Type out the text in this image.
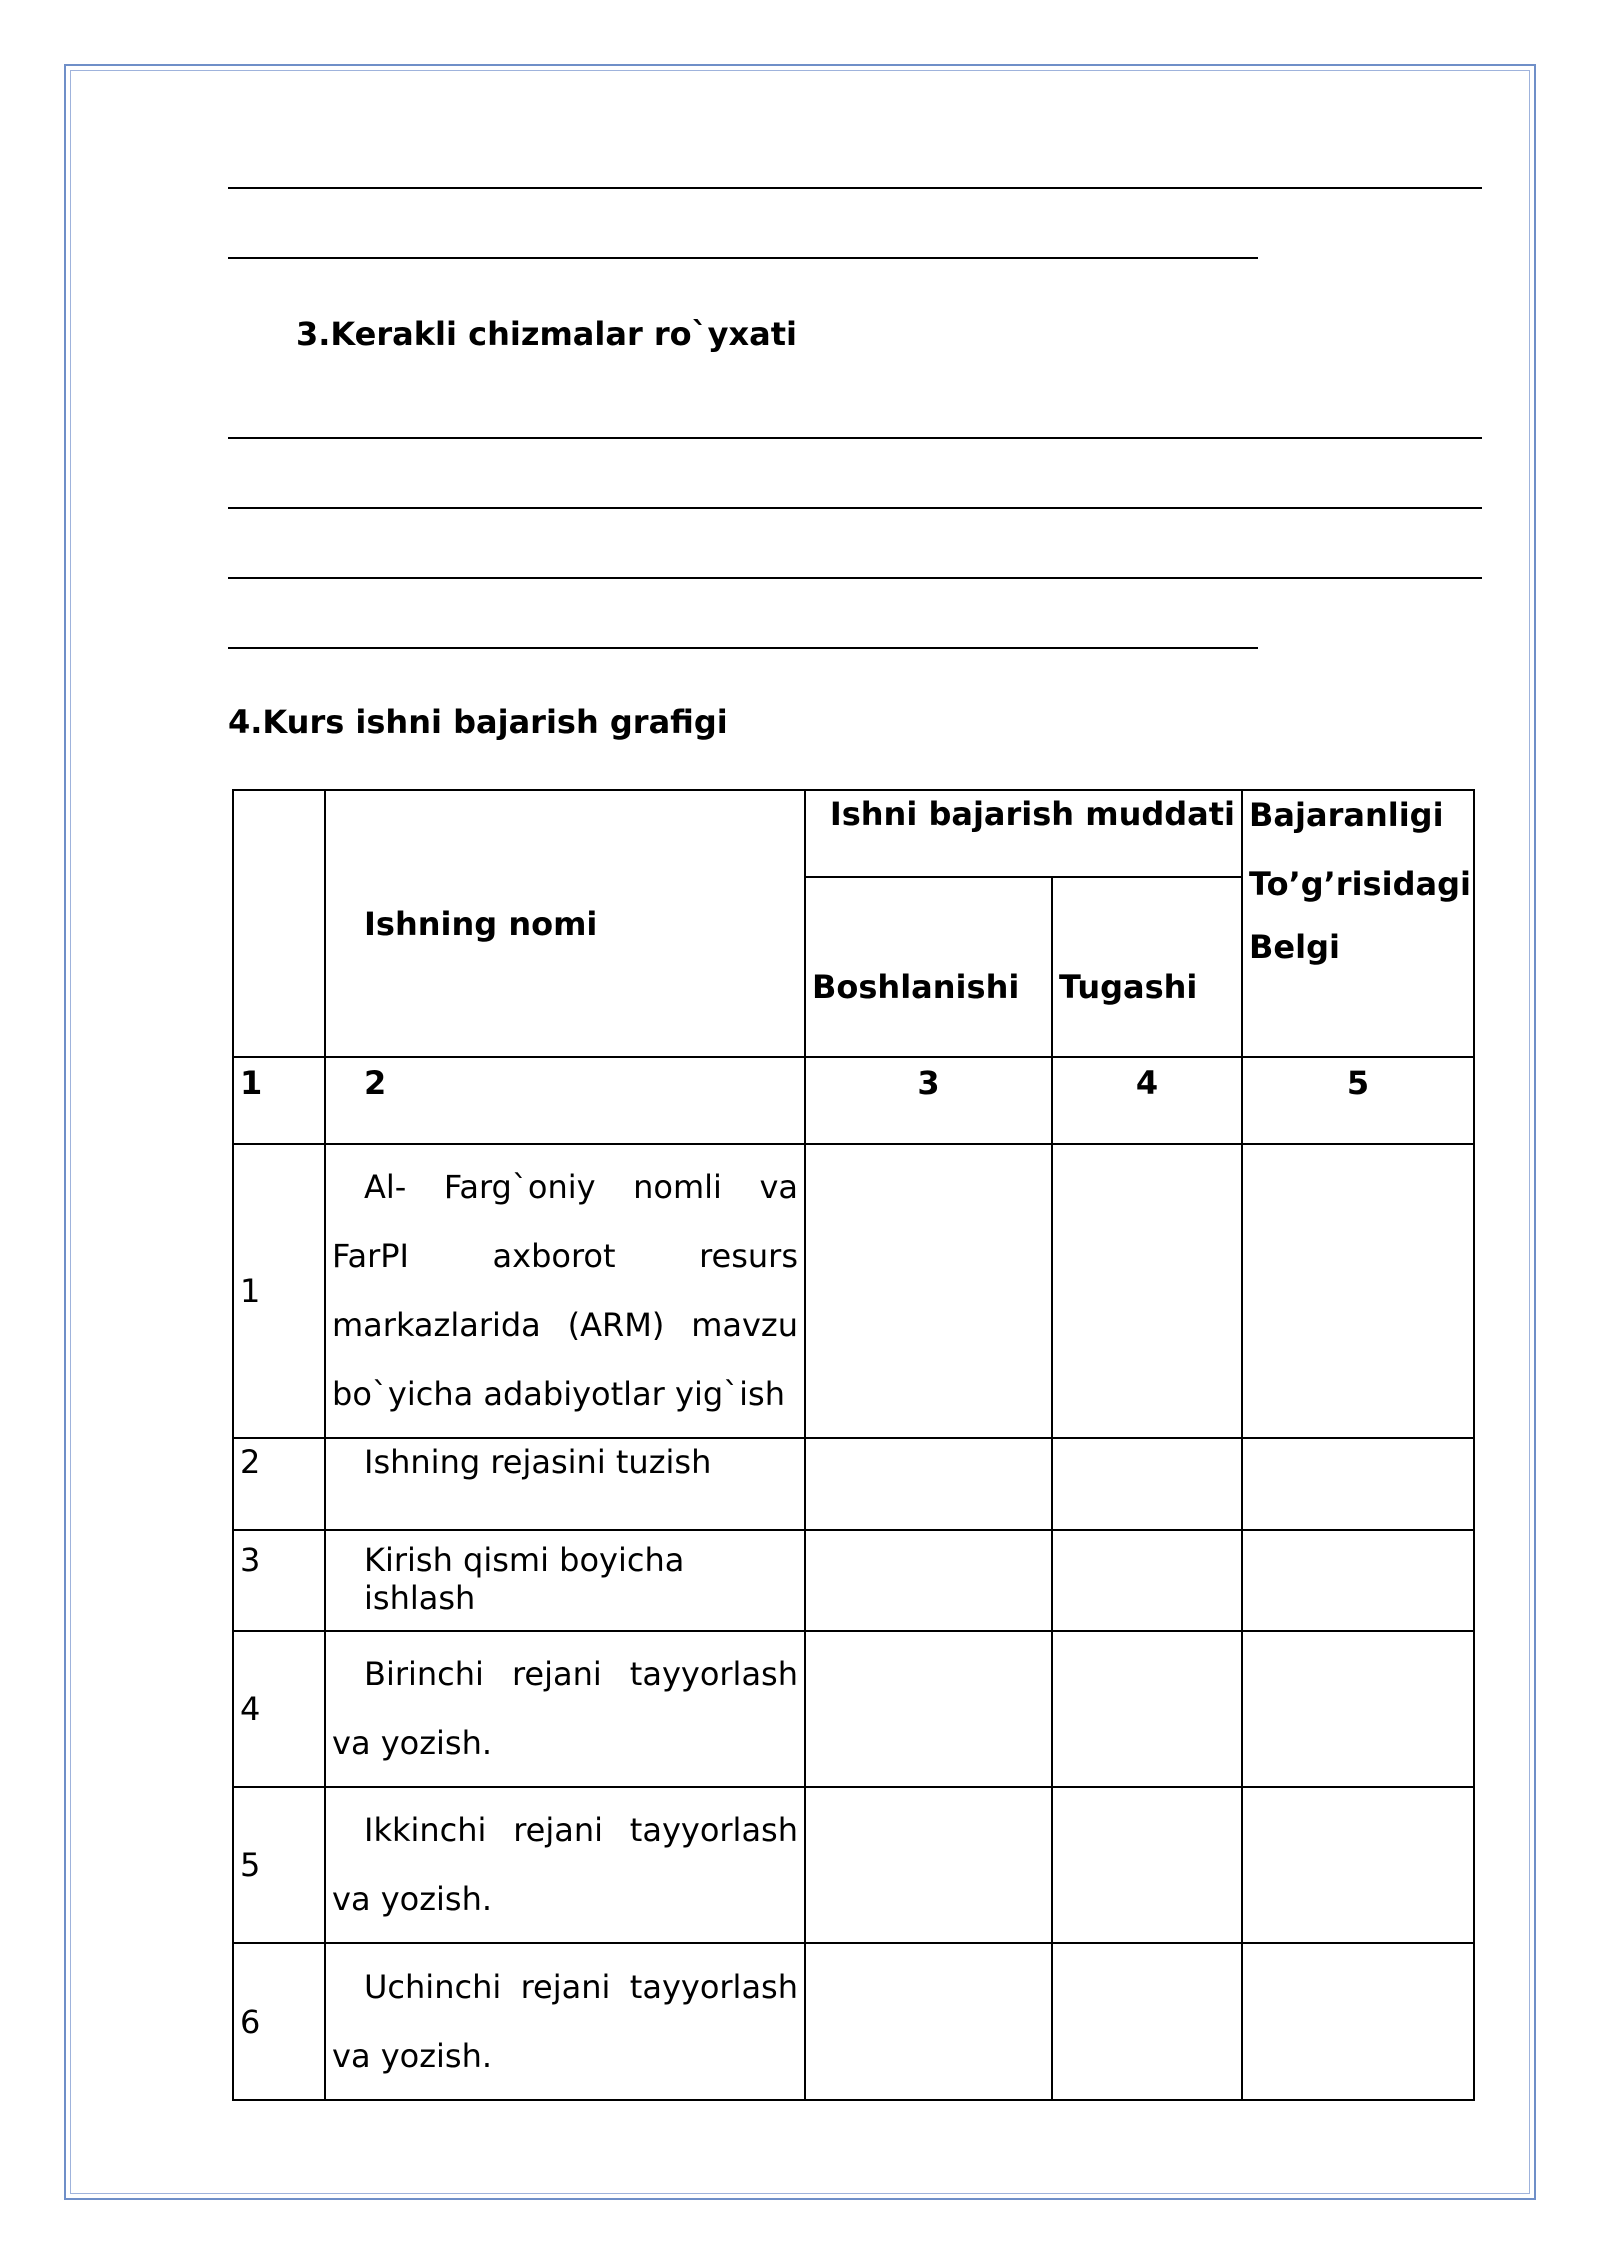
3.Kerakli chizmalar ro`yxati
4.Kurs ishni bajarish grafigi
	Ishning nomi	Ishni bajarish muddati		Bajaranligi
To’g’risidagi
Belgi

		Boshlanishi	Tugashi	
1	2	3	4	5
1	Al- Farg`oniy nomli va FarPI axborot resurs markazlarida (ARM) mavzu bo`yicha adabiyotlar yig`ish			
2	Ishning rejasini tuzish			
3	Kirish qismi boyicha ishlash			
4	Birinchi rejani tayyorlash va yozish.			
5	Ikkinchi rejani tayyorlash va yozish.			
6	Uchinchi rejani tayyorlash va yozish.			
